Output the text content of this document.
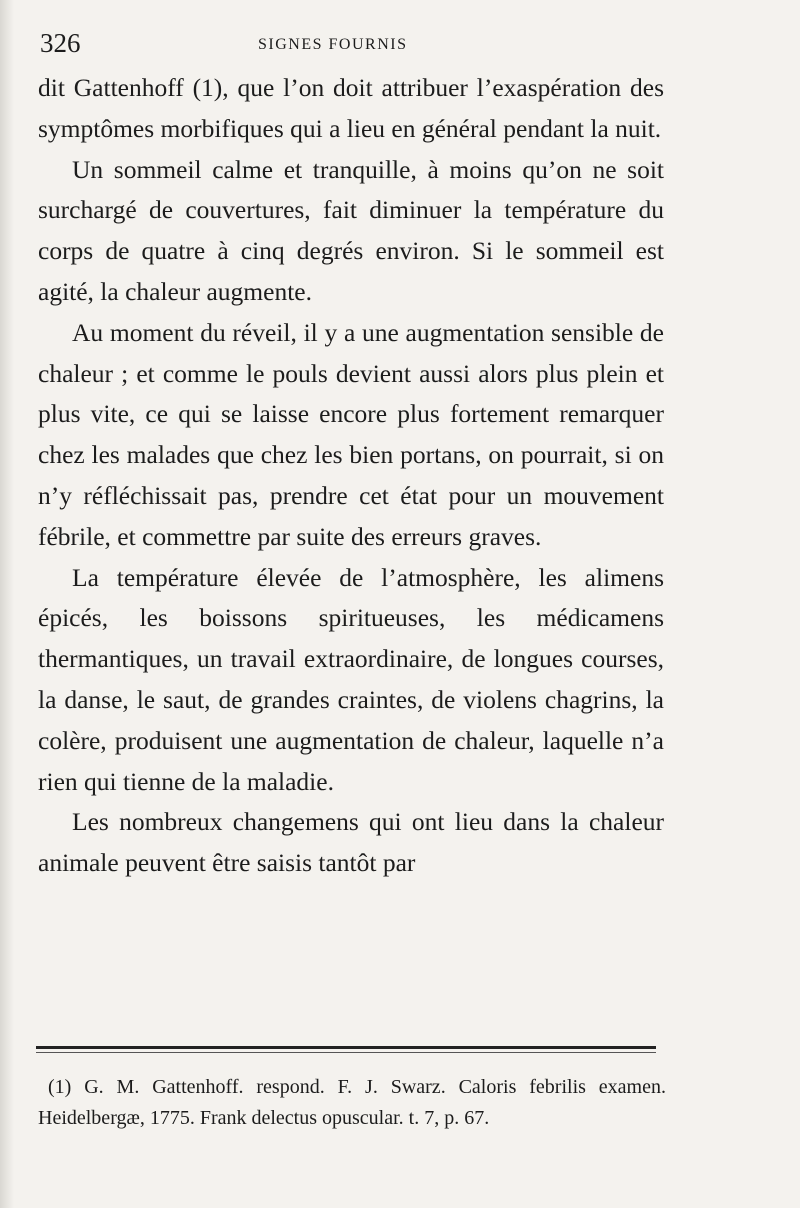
326	SIGNES FOURNIS

dit Gattenhoff (1), que l’on doit attribuer l’exaspération des symptômes morbifiques qui a lieu en général pendant la nuit.

Un sommeil calme et tranquille, à moins qu’on ne soit surchargé de couvertures, fait diminuer la température du corps de quatre à cinq degrés environ. Si le sommeil est agité, la chaleur augmente.

Au moment du réveil, il y a une augmentation sensible de chaleur ; et comme le pouls devient aussi alors plus plein et plus vite, ce qui se laisse encore plus fortement remarquer chez les malades que chez les bien portans, on pourrait, si on n’y réfléchissait pas, prendre cet état pour un mouvement fébrile, et commettre par suite des erreurs graves.

La température élevée de l’atmosphère, les alimens épicés, les boissons spiritueuses, les médicamens thermantiques, un travail extraordinaire, de longues courses, la danse, le saut, de grandes craintes, de violens chagrins, la colère, produisent une augmentation de chaleur, laquelle n’a rien qui tienne de la maladie.

Les nombreux changemens qui ont lieu dans la chaleur animale peuvent être saisis tantôt par

(1) G. M. Gattenhoff. respond. F. J. Swarz. Caloris febrilis examen. Heidelbergæ, 1775. Frank delectus opuscular. t. 7, p. 67.
